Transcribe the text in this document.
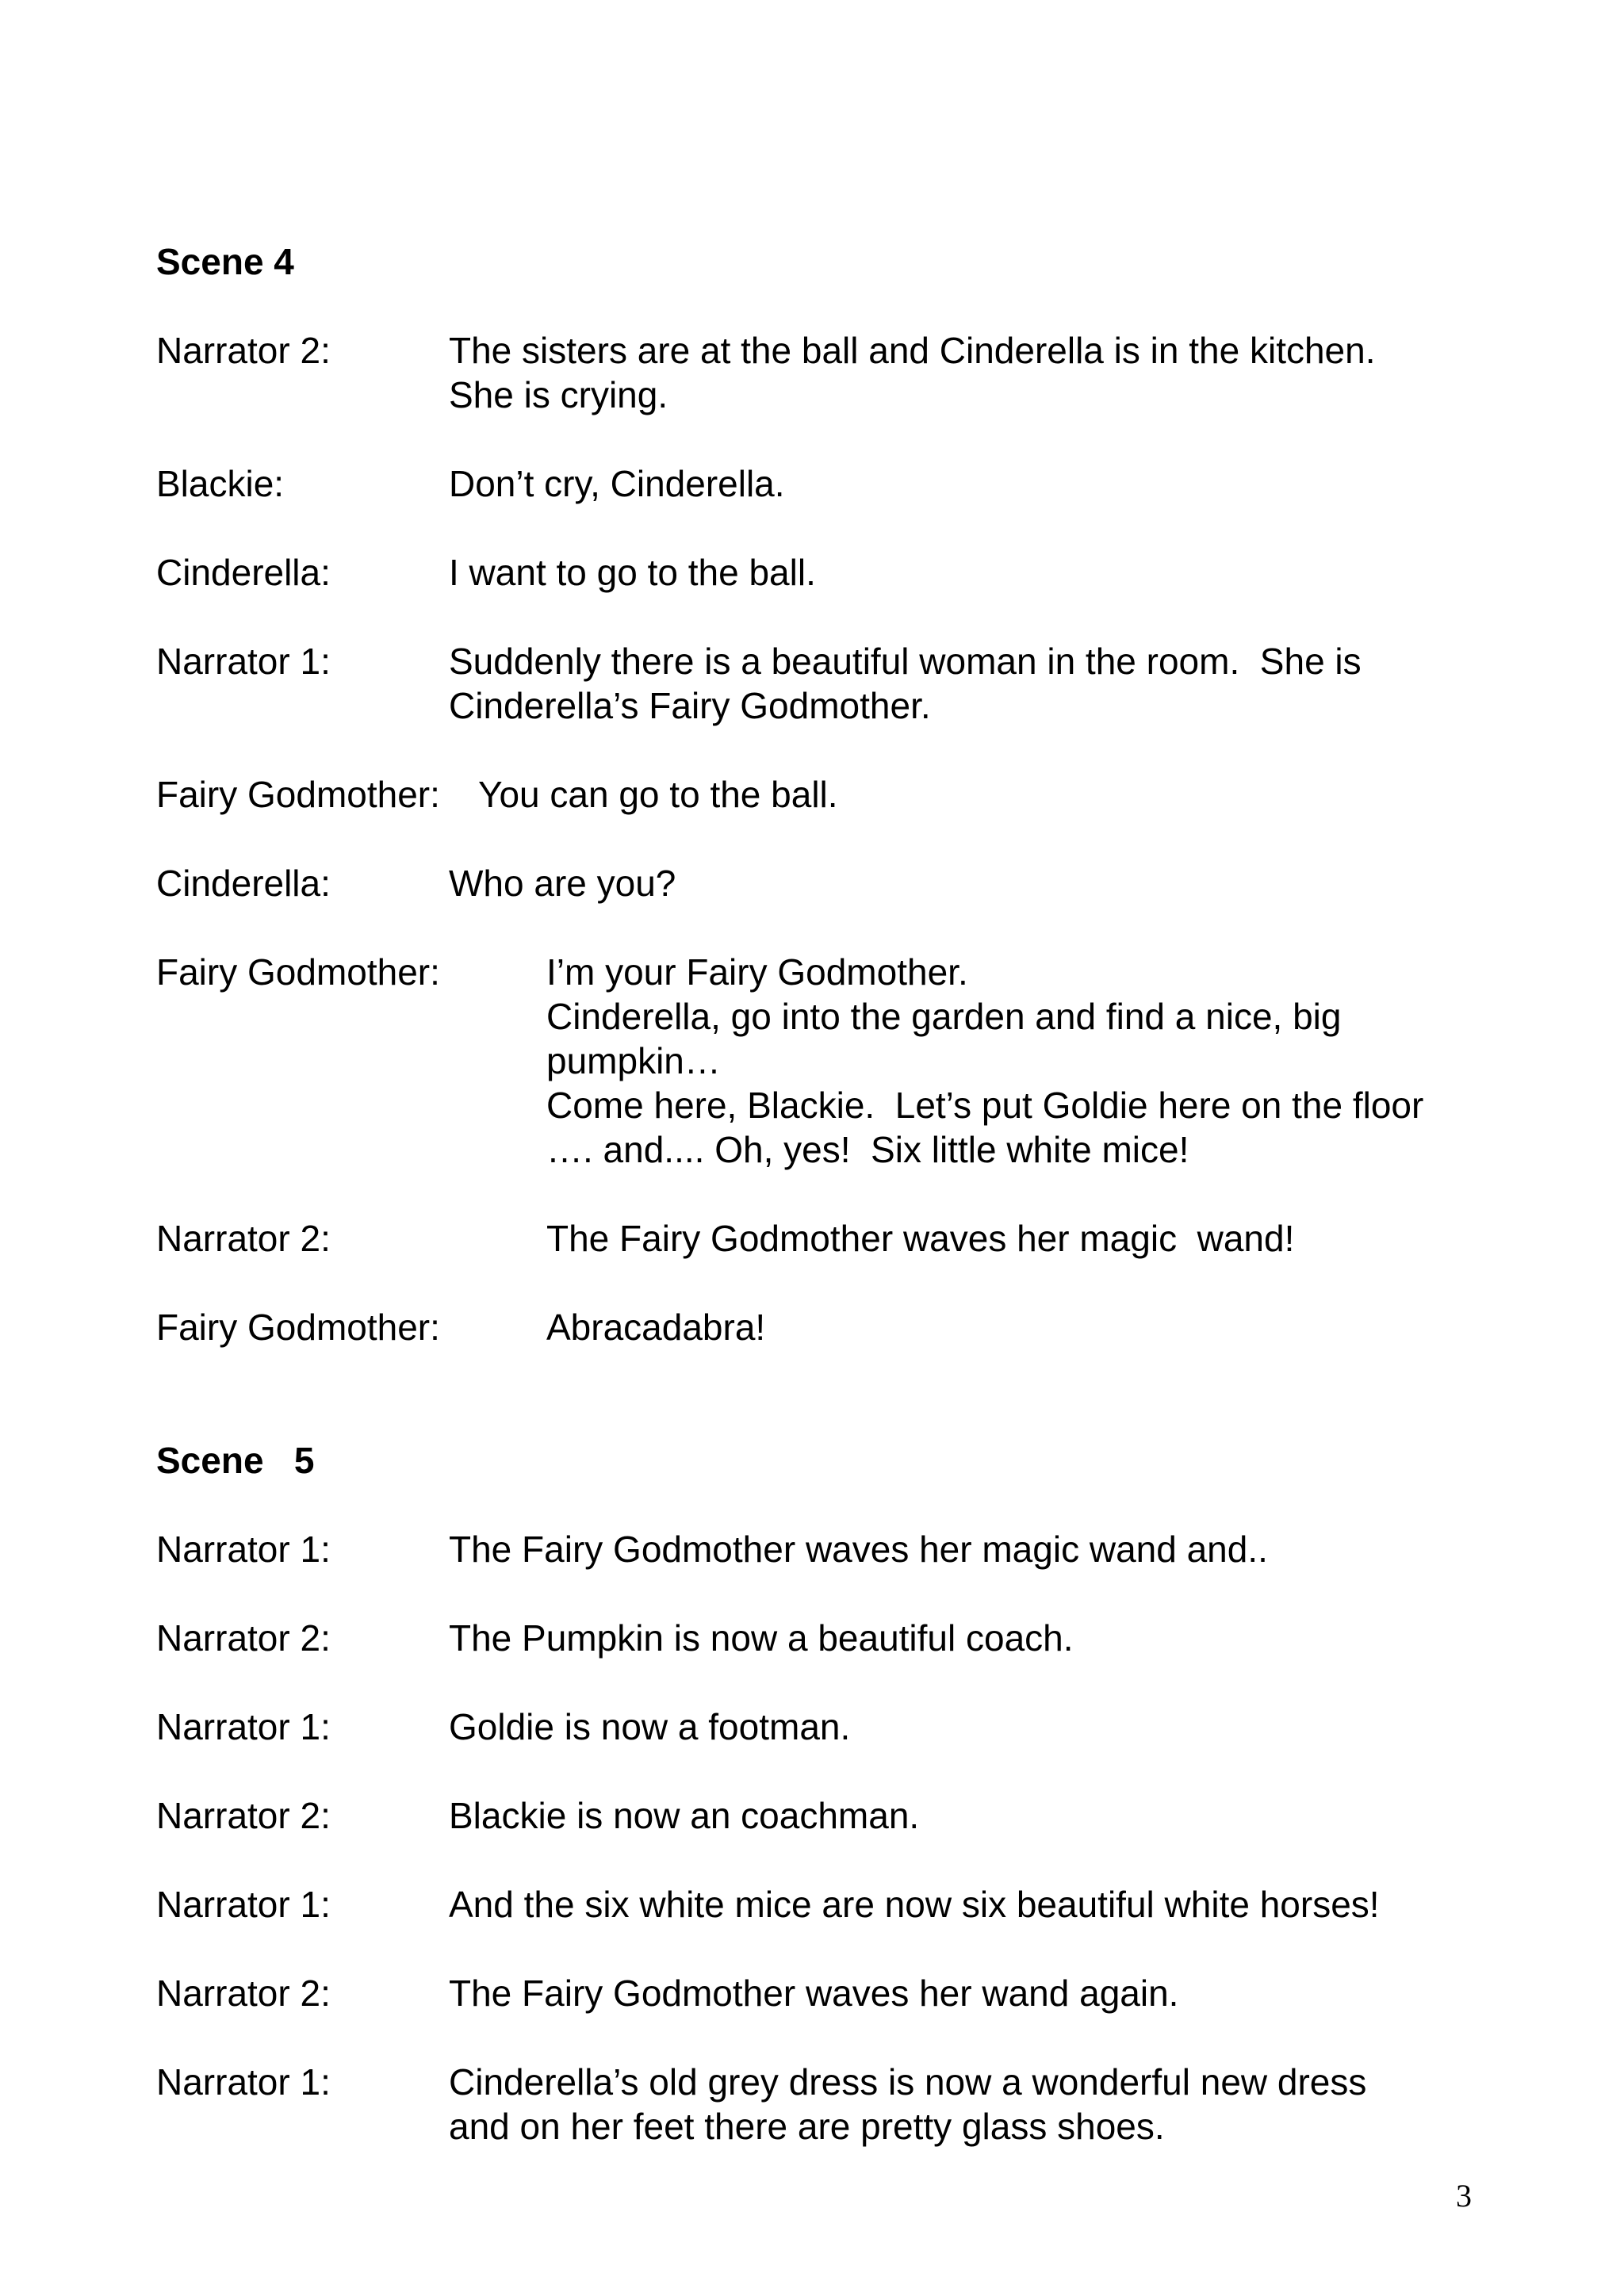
Scene 4
Narrator 2:	The sisters are at the ball and Cinderella is in the kitchen.
She is crying.
Blackie:	Don’t cry, Cinderella.
Cinderella:	I want to go to the ball.
Narrator 1:	Suddenly there is a beautiful woman in the room.  She is
Cinderella’s Fairy Godmother.
Fairy Godmother:	You can go to the ball.
Cinderella:	Who are you?
Fairy Godmother:	I’m your Fairy Godmother.
Cinderella, go into the garden and find a nice, big
pumpkin…
Come here, Blackie.  Let’s put Goldie here on the floor
…. and.... Oh, yes!  Six little white mice!
Narrator 2:	The Fairy Godmother waves her magic  wand!
Fairy Godmother:	Abracadabra!
Scene   5
Narrator 1:	The Fairy Godmother waves her magic wand and..
Narrator 2:	The Pumpkin is now a beautiful coach.
Narrator 1:	Goldie is now a footman.
Narrator 2:	Blackie is now an coachman.
Narrator 1:	And the six white mice are now six beautiful white horses!
Narrator 2:	The Fairy Godmother waves her wand again.
Narrator 1:	Cinderella’s old grey dress is now a wonderful new dress
and on her feet there are pretty glass shoes.
3
